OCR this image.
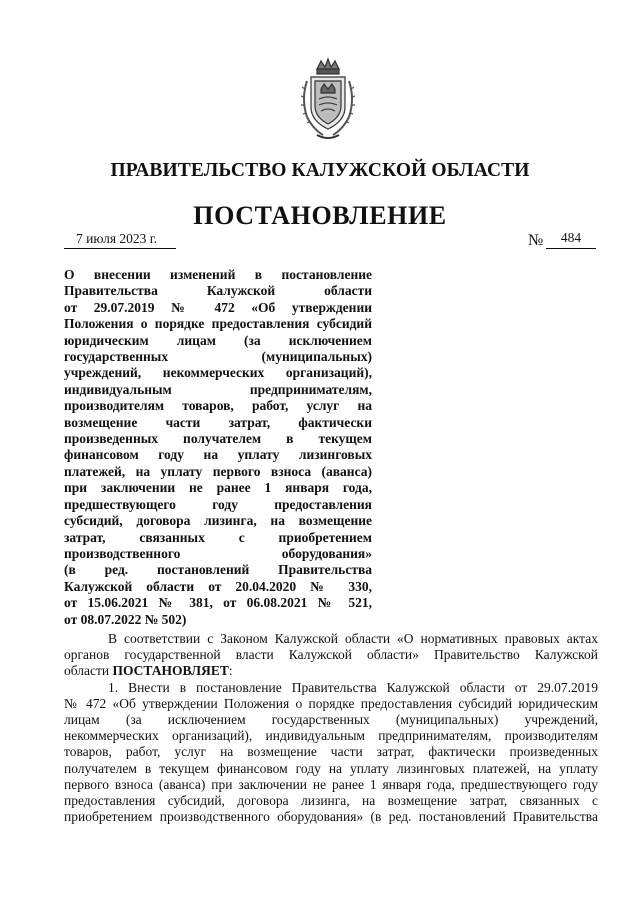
ПРАВИТЕЛЬСТВО КАЛУЖСКОЙ ОБЛАСТИ
ПОСТАНОВЛЕНИЕ
7 июля 2023 г.	№	484
О внесении изменений в постановление
Правительства Калужской области
от 29.07.2019 № 472 «Об утверждении
Положения о порядке предоставления субсидий
юридическим лицам (за исключением
государственных (муниципальных)
учреждений, некоммерческих организаций),
индивидуальным предпринимателям,
производителям товаров, работ, услуг на
возмещение части затрат, фактически
произведенных получателем в текущем
финансовом году на уплату лизинговых
платежей, на уплату первого взноса (аванса)
при заключении не ранее 1 января года,
предшествующего году предоставления
субсидий, договора лизинга, на возмещение
затрат, связанных с приобретением
производственного оборудования»
(в ред. постановлений Правительства
Калужской области от 20.04.2020 № 330,
от 15.06.2021 № 381, от 06.08.2021 № 521,
от 08.07.2022 № 502)
В соответствии с Законом Калужской области «О нормативных правовых актах
органов государственной власти Калужской области» Правительство Калужской
области ПОСТАНОВЛЯЕТ:
1. Внести в постановление Правительства Калужской области от 29.07.2019
№ 472 «Об утверждении Положения о порядке предоставления субсидий юридическим
лицам (за исключением государственных (муниципальных) учреждений,
некоммерческих организаций), индивидуальным предпринимателям, производителям
товаров, работ, услуг на возмещение части затрат, фактически произведенных
получателем в текущем финансовом году на уплату лизинговых платежей, на уплату
первого взноса (аванса) при заключении не ранее 1 января года, предшествующего году
предоставления субсидий, договора лизинга, на возмещение затрат, связанных с
приобретением производственного оборудования» (в ред. постановлений Правительства
